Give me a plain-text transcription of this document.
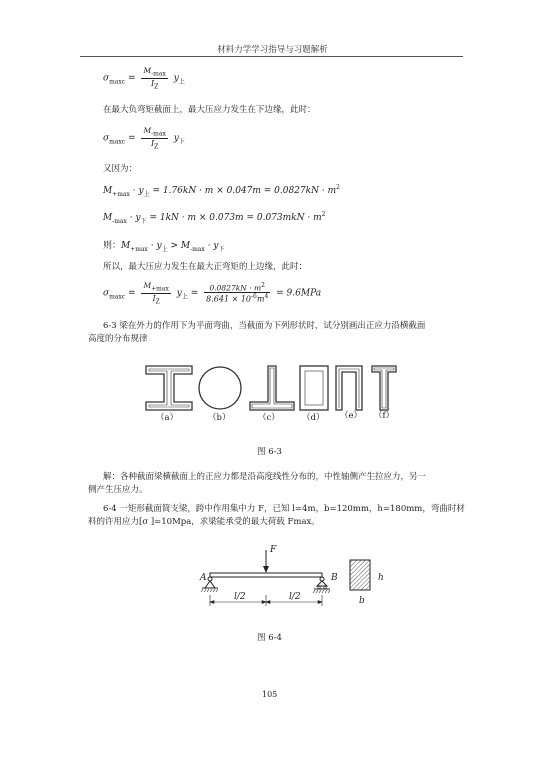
材料力学学习指导与习题解析
$\sigma_{maxc} = \frac{M_{-max}}{I_Z} y_上$
在最大负弯矩截面上，最大压应力发生在下边缘，此时：
$\sigma_{maxc} = \frac{M_{-max}}{I_Z} y_下$
又因为：
$M_{+max} \cdot y_上 = 1.76kN \cdot m \times 0.047m = 0.0827kN \cdot m^2$
$M_{-max} \cdot y_下 = 1kN \cdot m \times 0.073m = 0.073mkN \cdot m^2$
则：$M_{+max} \cdot y_上 > M_{-max} \cdot y_下$
所以，最大压应力发生在最大正弯矩的上边缘，此时：
$\sigma_{maxc} = \frac{M_{+max}}{I_Z} y_上 = \frac{0.0827kN \cdot m^2}{8.641 \times 10^{-6}m^4} = 9.6MPa$
6-3 梁在外力的作用下为平面弯曲，当截面为下列形状时，试分别画出正应力沿横截面
高度的分布规律
（a）	（b）	（c）	（d） （e） （f）
图 6-3
解：各种截面梁横截面上的正应力都是沿高度线性分布的，中性轴侧产生拉应力，另一
侧产生压应力。
6-4 一矩形截面简支梁，跨中作用集中力 F，已知 l=4m，b=120mm，h=180mm，弯曲时材
料的许用应力[σ ]=10Mpa，求梁能承受的最大荷载 Fmax。
F
A	B
l/2	l/2
h
b
图 6-4
105
